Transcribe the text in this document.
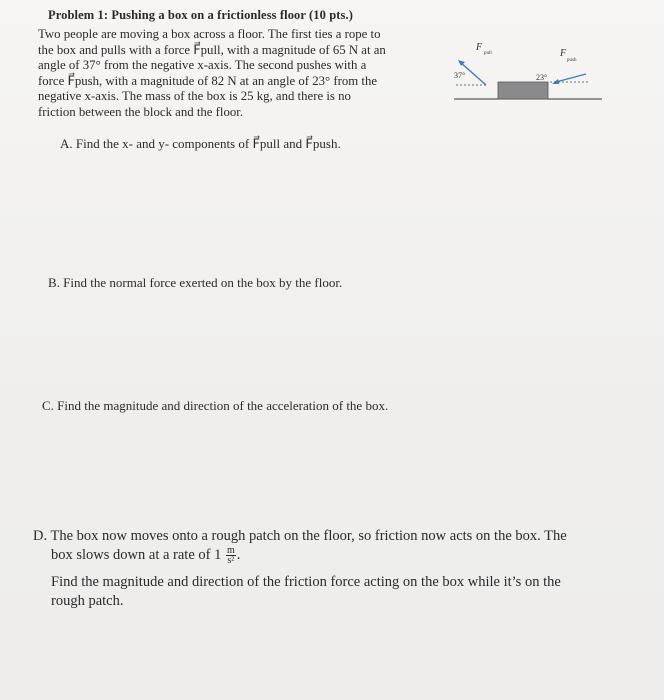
Problem 1: Pushing a box on a frictionless floor (10 pts.)
Two people are moving a box across a floor. The first ties a rope to
the box and pulls with a force F⃗pull, with a magnitude of 65 N at an
angle of 37° from the negative x-axis. The second pushes with a
force F⃗push, with a magnitude of 82 N at an angle of 23° from the
negative x-axis. The mass of the box is 25 kg, and there is no
friction between the block and the floor.
37°
F
pull
23°
F
push
A. Find the x- and y- components of F⃗pull and F⃗push.
B. Find the normal force exerted on the box by the floor.
C. Find the magnitude and direction of the acceleration of the box.
D. The box now moves onto a rough patch on the floor, so friction now acts on the box. The
box slows down at a rate of $1 \frac{m}{\text{s²}}$ .
Find the magnitude and direction of the friction force acting on the box while it’s on the
rough patch.
